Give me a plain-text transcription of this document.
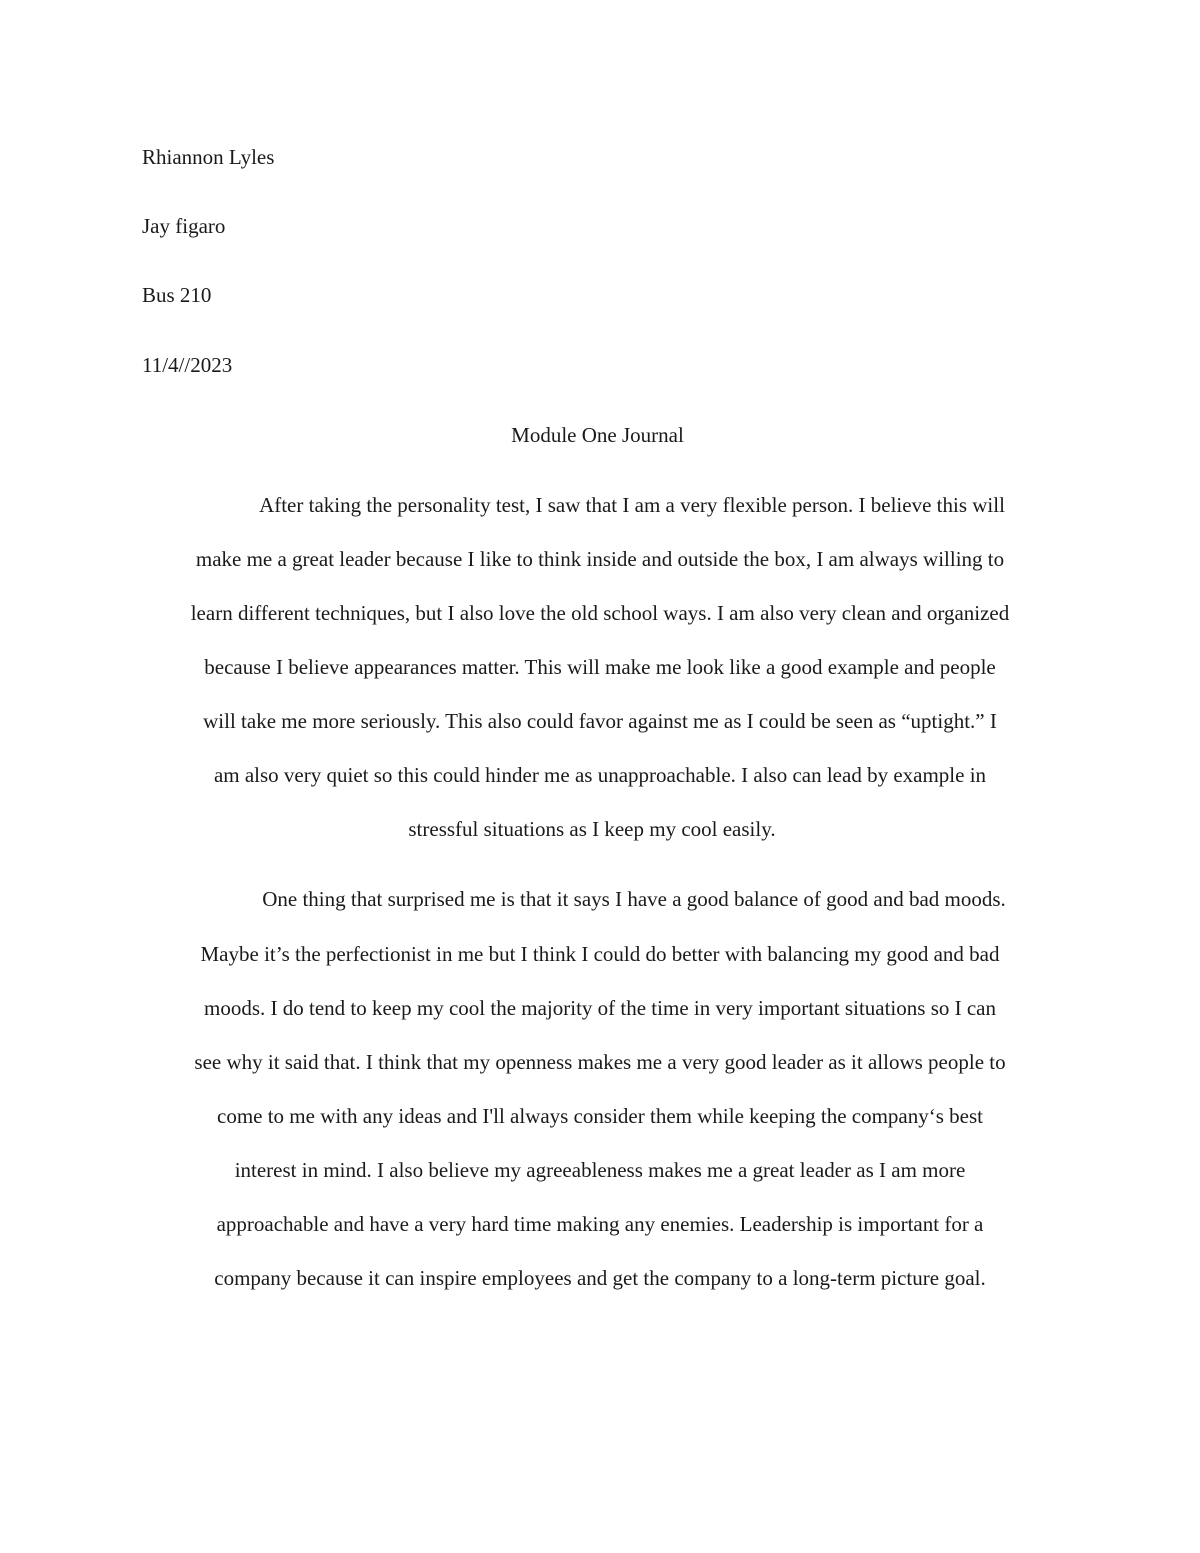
Rhiannon Lyles
Jay figaro
Bus 210
11/4//2023
Module One Journal
After taking the personality test, I saw that I am a very flexible person. I believe this will
make me a great leader because I like to think inside and outside the box, I am always willing to
learn different techniques, but I also love the old school ways. I am also very clean and organized
because I believe appearances matter. This will make me look like a good example and people
will take me more seriously. This also could favor against me as I could be seen as “uptight.” I
am also very quiet so this could hinder me as unapproachable. I also can lead by example in
stressful situations as I keep my cool easily.
One thing that surprised me is that it says I have a good balance of good and bad moods.
Maybe it’s the perfectionist in me but I think I could do better with balancing my good and bad
moods. I do tend to keep my cool the majority of the time in very important situations so I can
see why it said that. I think that my openness makes me a very good leader as it allows people to
come to me with any ideas and I'll always consider them while keeping the company‘s best
interest in mind. I also believe my agreeableness makes me a great leader as I am more
approachable and have a very hard time making any enemies. Leadership is important for a
company because it can inspire employees and get the company to a long-term picture goal.
